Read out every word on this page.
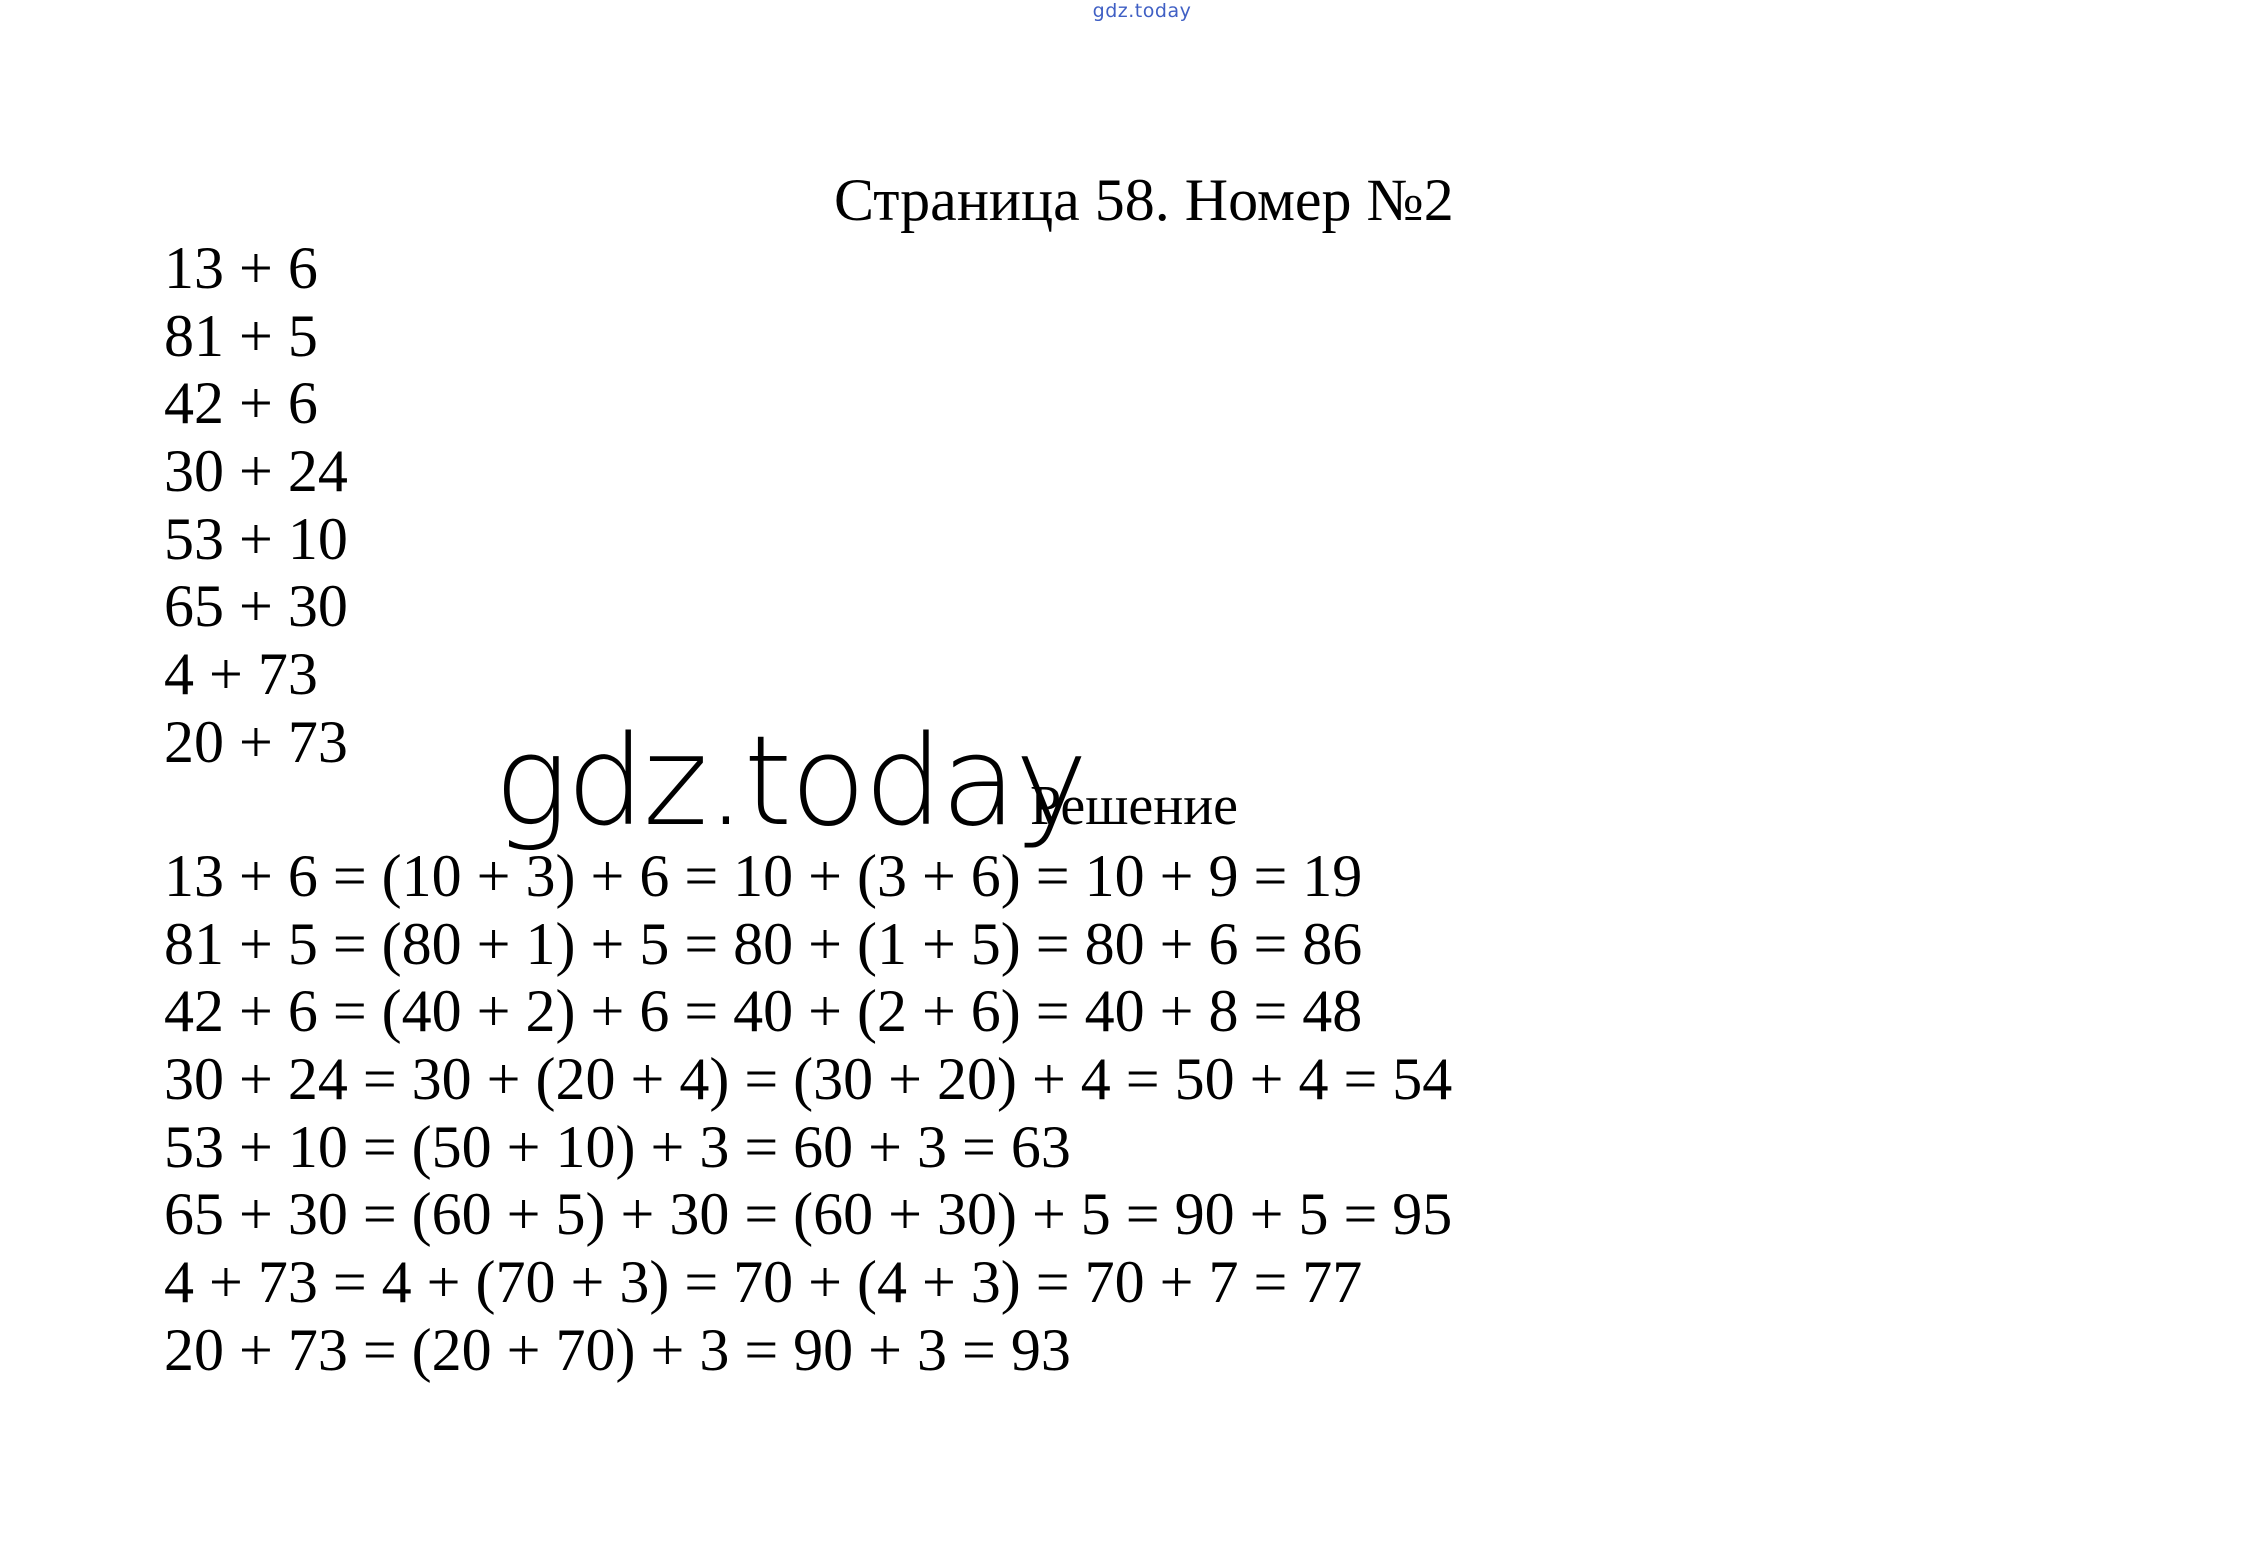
gdz.today
Страница 58. Номер №2
13 + 6
81 + 5
42 + 6
30 + 24
53 + 10
65 + 30
4 + 73
20 + 73 gdz.today
Решение
13 + 6 = (10 + 3) + 6 = 10 + (3 + 6) = 10 + 9 = 19
81 + 5 = (80 + 1) + 5 = 80 + (1 + 5) = 80 + 6 = 86
42 + 6 = (40 + 2) + 6 = 40 + (2 + 6) = 40 + 8 = 48
30 + 24 = 30 + (20 + 4) = (30 + 20) + 4 = 50 + 4 = 54
53 + 10 = (50 + 10) + 3 = 60 + 3 = 63
65 + 30 = (60 + 5) + 30 = (60 + 30) + 5 = 90 + 5 = 95
4 + 73 = 4 + (70 + 3) = 70 + (4 + 3) = 70 + 7 = 77
20 + 73 = (20 + 70) + 3 = 90 + 3 = 93
